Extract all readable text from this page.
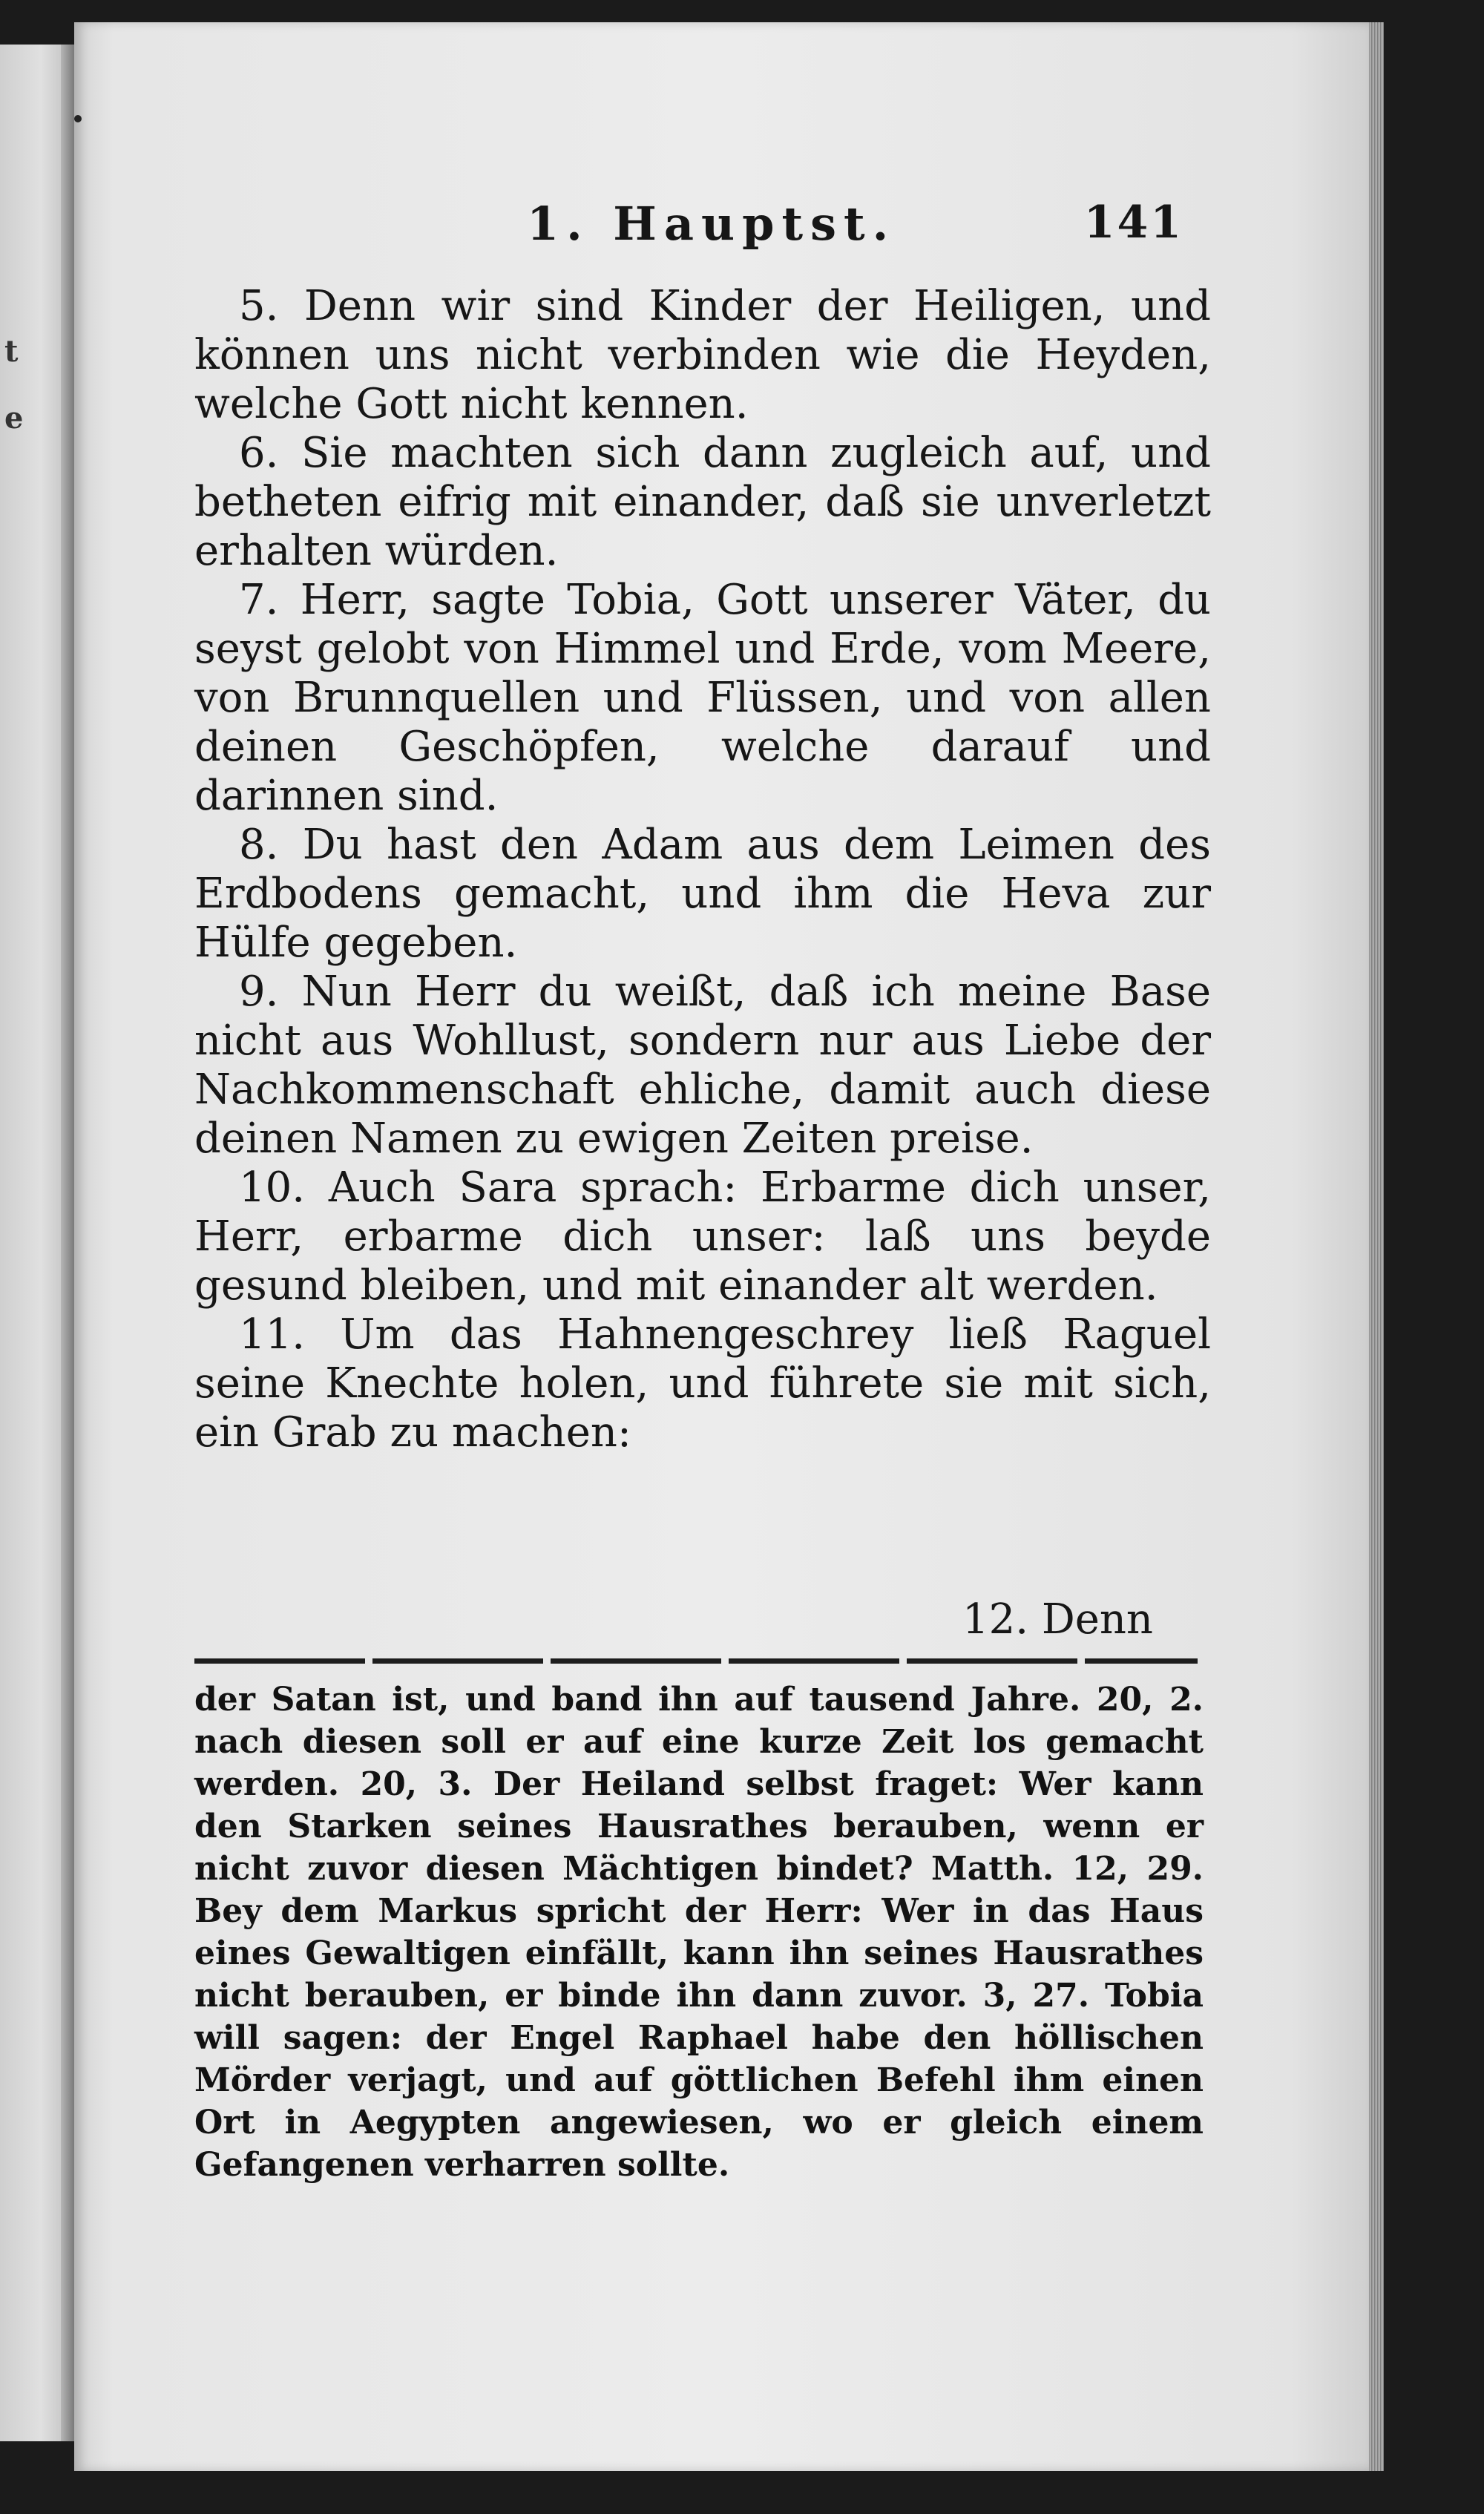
t
e
1. Hauptst.	141

5. Denn wir sind Kinder der Heiligen, und können uns nicht verbinden wie die Heyden, welche Gott nicht kennen.

6. Sie machten sich dann zugleich auf, und betheten eifrig mit einander, daß sie unverletzt erhalten würden.

7. Herr, sagte Tobia, Gott unserer Väter, du seyst gelobt von Himmel und Erde, vom Meere, von Brunnquellen und Flüssen, und von allen deinen Geschöpfen, welche darauf und darinnen sind.

8. Du hast den Adam aus dem Leimen des Erdbodens gemacht, und ihm die Heva zur Hülfe gegeben.

9. Nun Herr du weißt, daß ich meine Base nicht aus Wohllust, sondern nur aus Liebe der Nachkommenschaft ehliche, damit auch diese deinen Namen zu ewigen Zeiten preise.

10. Auch Sara sprach: Erbarme dich unser, Herr, erbarme dich unser: laß uns beyde gesund bleiben, und mit einander alt werden.

11. Um das Hahnengeschrey ließ Raguel seine Knechte holen, und führete sie mit sich, ein Grab zu machen:

12. Denn
der Satan ist, und band ihn auf tausend Jahre. 20, 2. nach diesen soll er auf eine kurze Zeit los gemacht werden. 20, 3. Der Heiland selbst fraget: Wer kann den Starken seines Hausrathes berauben, wenn er nicht zuvor diesen Mächtigen bindet? Matth. 12, 29. Bey dem Markus spricht der Herr: Wer in das Haus eines Gewaltigen einfällt, kann ihn seines Hausrathes nicht berauben, er binde ihn dann zuvor. 3, 27. Tobia will sagen: der Engel Raphael habe den höllischen Mörder verjagt, und auf göttlichen Befehl ihm einen Ort in Aegypten angewiesen, wo er gleich einem Gefangenen verharren sollte.
